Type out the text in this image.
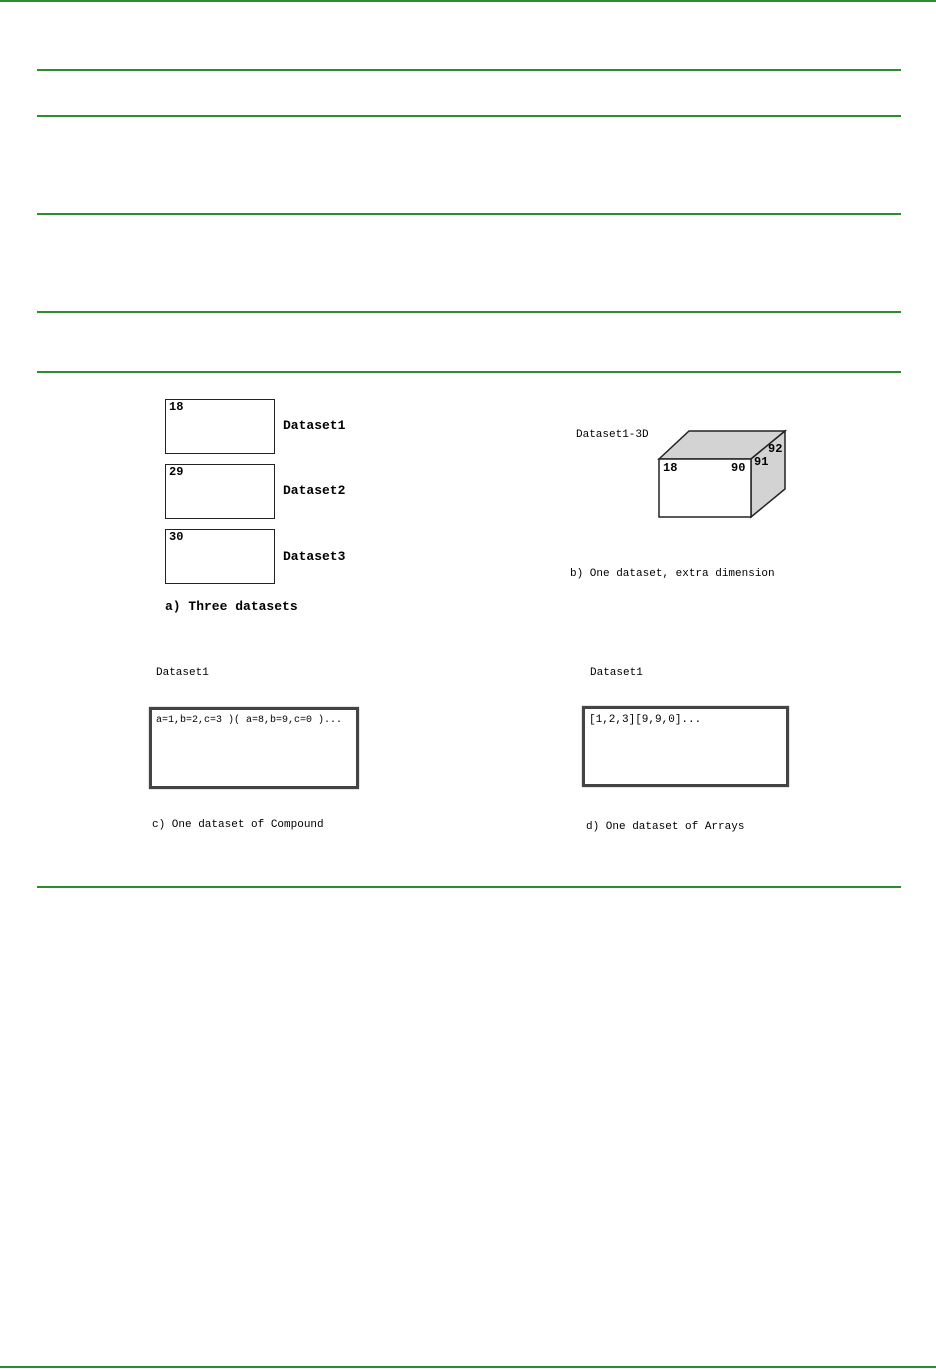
18
Dataset1
29
Dataset2
30
Dataset3
a) Three datasets
Dataset1-3D
18	90 91
92
b) One dataset, extra dimension
Dataset1
a=1,b=2,c=3 )( a=8,b=9,c=0 )...
c) One dataset of Compound
Dataset1
[1,2,3][9,9,0]...
d) One dataset of Arrays
